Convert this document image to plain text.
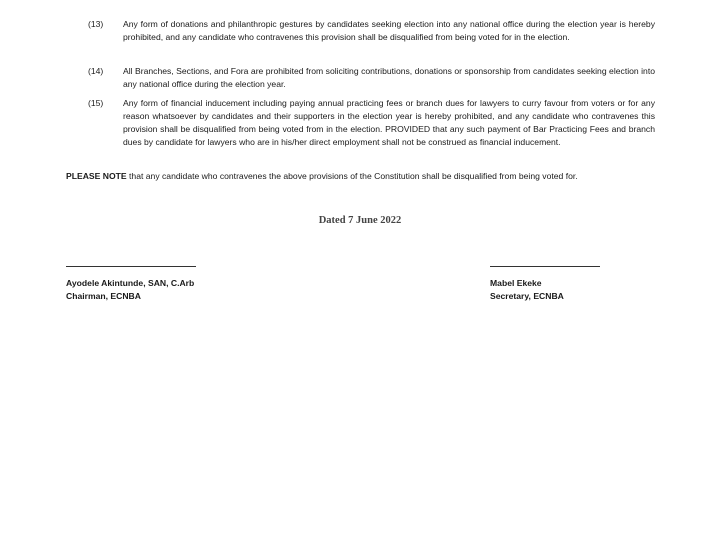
(13)	Any form of donations and philanthropic gestures by candidates seeking election into any national office during the election year is hereby prohibited, and any candidate who contravenes this provision shall be disqualified from being voted for in the election.
(14)	All Branches, Sections, and Fora are prohibited from soliciting contributions, donations or sponsorship from candidates seeking election into any national office during the election year.
(15)	Any form of financial inducement including paying annual practicing fees or branch dues for lawyers to curry favour from voters or for any reason whatsoever by candidates and their supporters in the election year is hereby prohibited, and any candidate who contravenes this provision shall be disqualified from being voted from in the election. PROVIDED that any such payment of Bar Practicing Fees and branch dues by candidate for lawyers who are in his/her direct employment shall not be construed as financial inducement.
PLEASE NOTE that any candidate who contravenes the above provisions of the Constitution shall be disqualified from being voted for.
Dated 7 June 2022
Ayodele Akintunde, SAN, C.Arb
Chairman, ECNBA
Mabel Ekeke
Secretary, ECNBA
